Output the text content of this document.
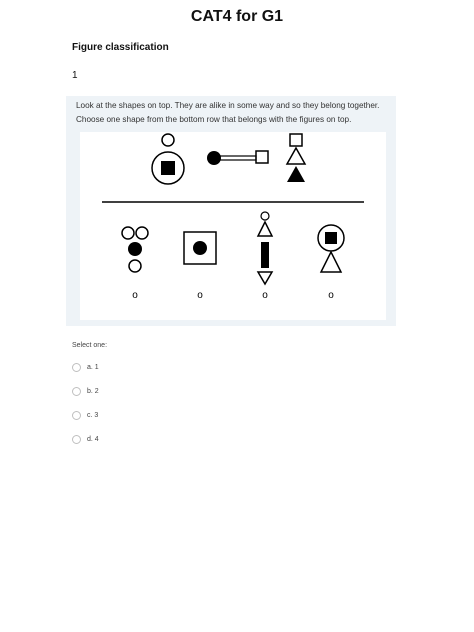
CAT4 for G1
Figure classification
1
Look at the shapes on top. They are alike in some way and so they belong together.
Choose one shape from the bottom row that belongs with the figures on top.
o	o	o	o
Select one:
a. 1
b. 2
c. 3
d. 4
